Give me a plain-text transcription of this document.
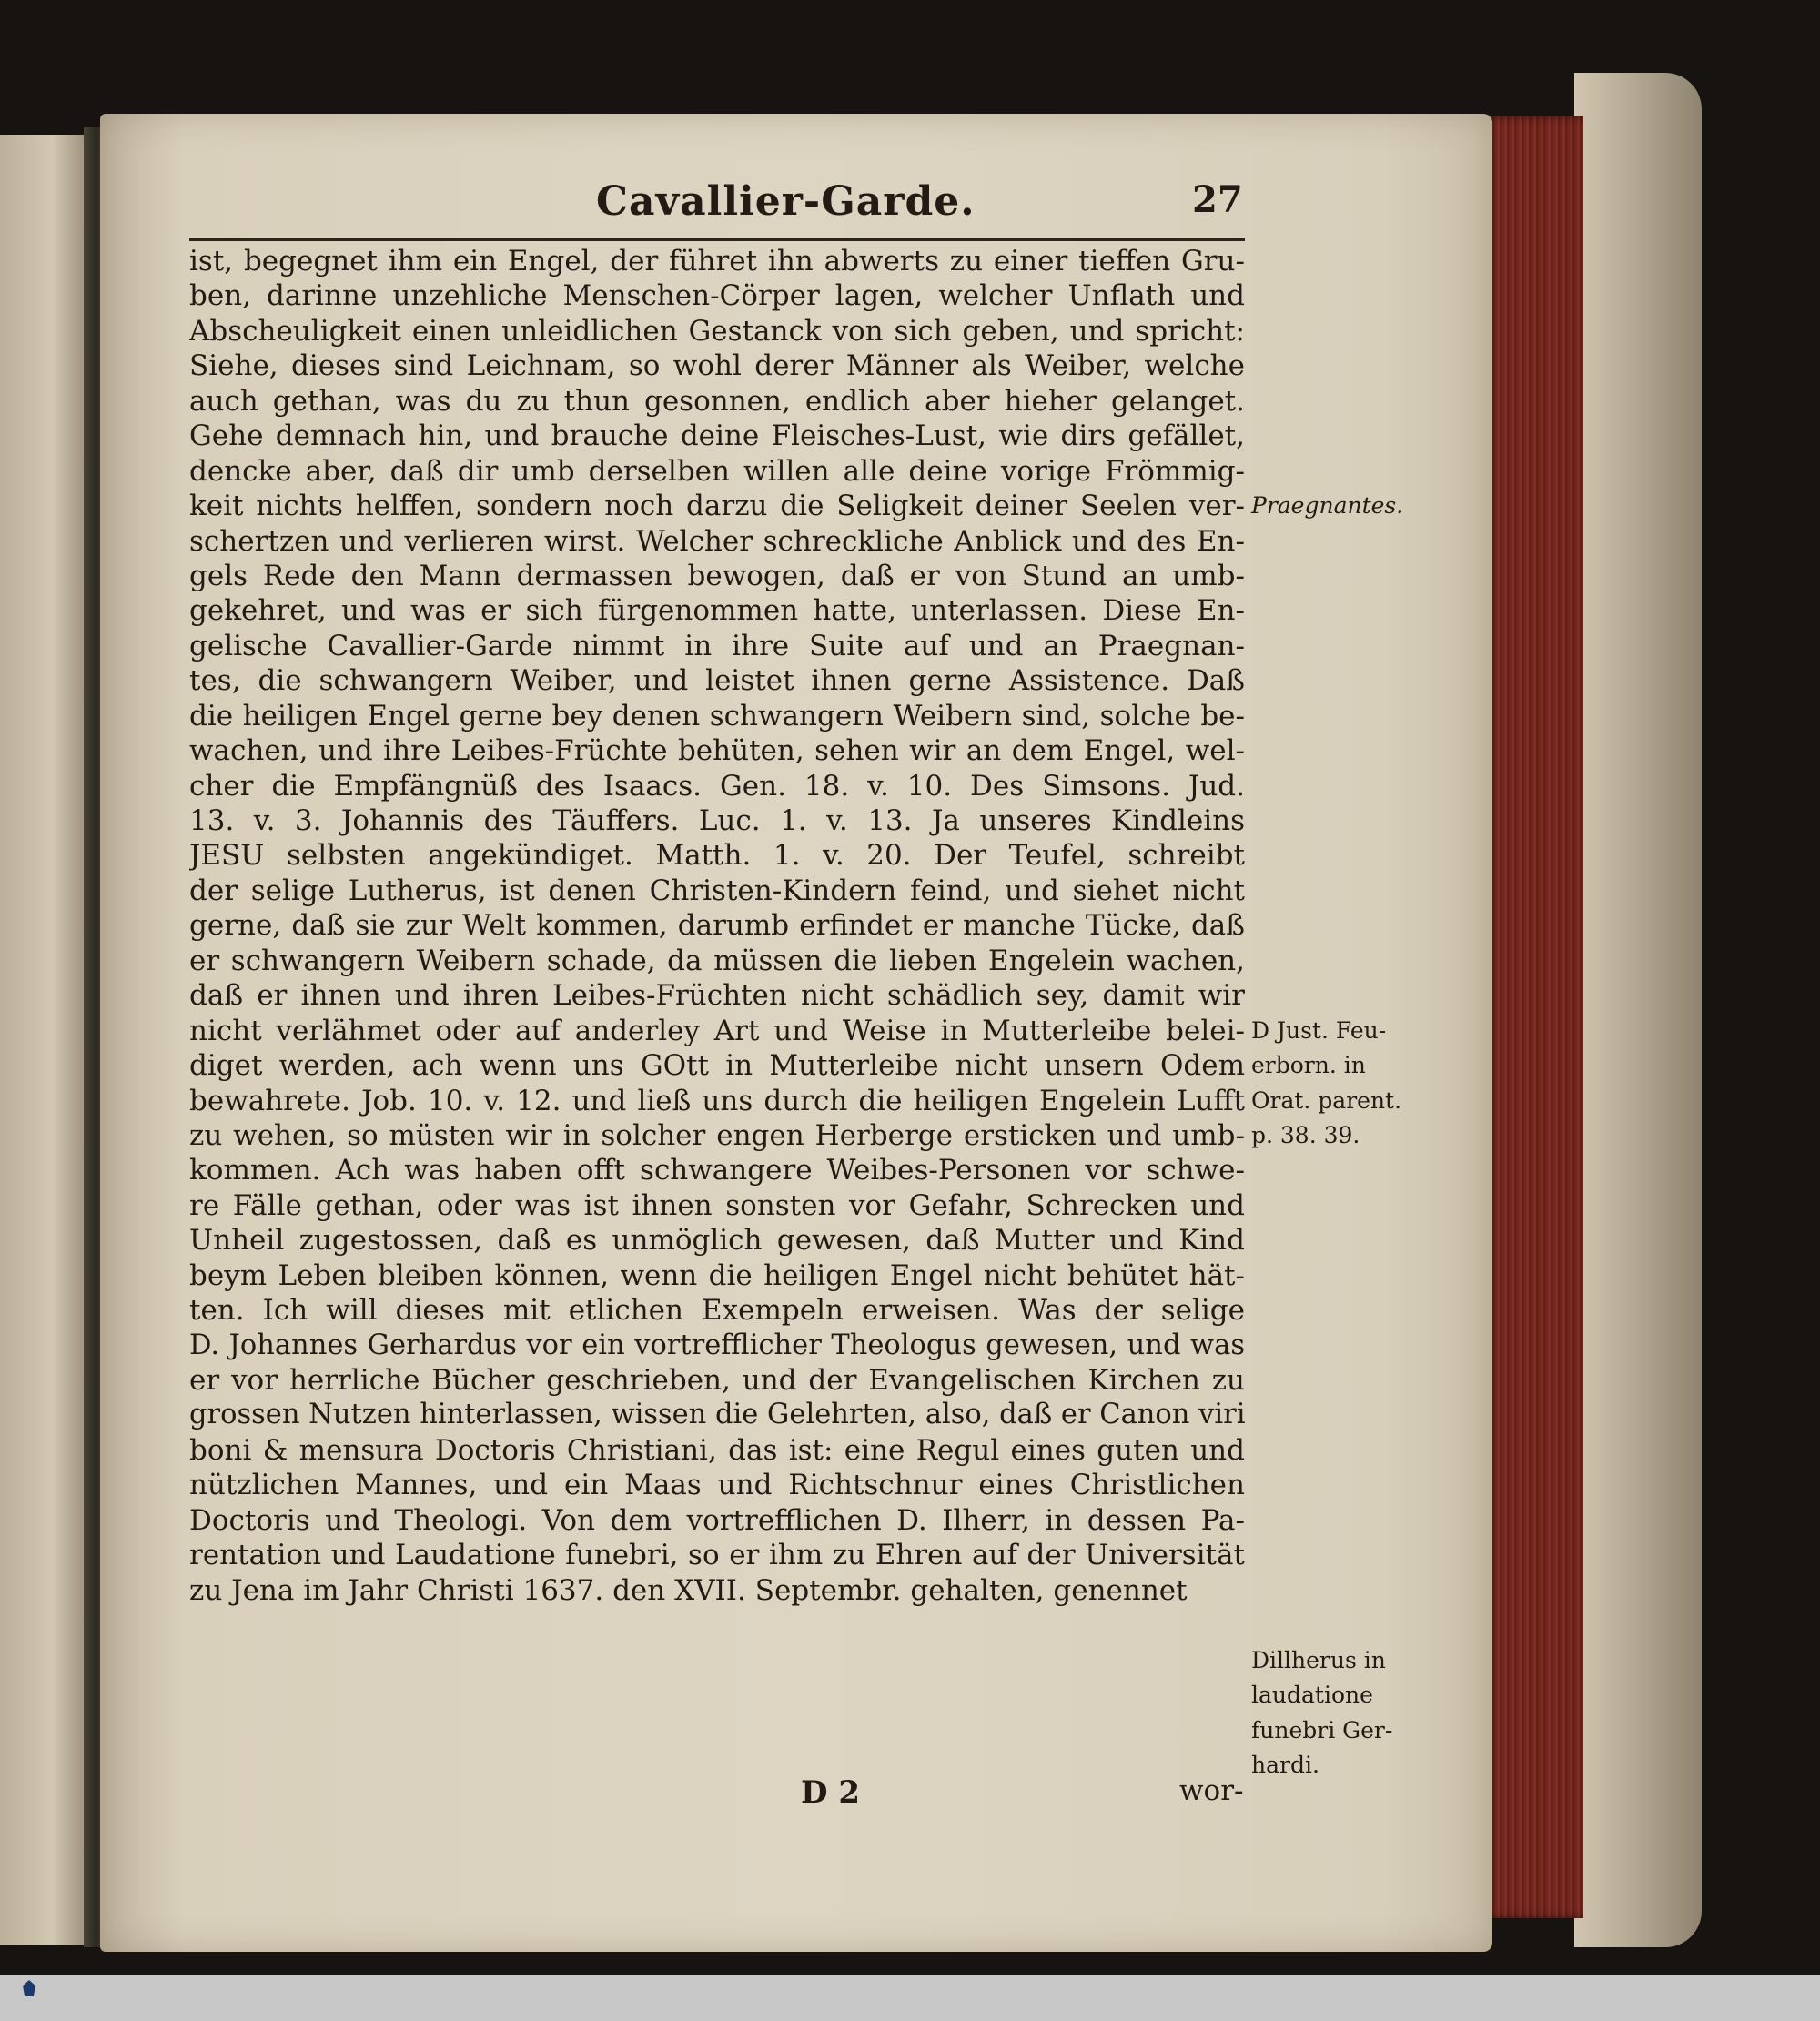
Cavallier-Garde.	27
ist, begegnet ihm ein Engel, der führet ihn abwerts zu einer tieffen Gru-
ben, darinne unzehliche Menschen-Cörper lagen, welcher Unflath und
Abscheuligkeit einen unleidlichen Gestanck von sich geben, und spricht:
Siehe, dieses sind Leichnam, so wohl derer Männer als Weiber, welche
auch gethan, was du zu thun gesonnen, endlich aber hieher gelanget.
Gehe demnach hin, und brauche deine Fleisches-Lust, wie dirs gefället,
dencke aber, daß dir umb derselben willen alle deine vorige Frömmig-
keit nichts helffen, sondern noch darzu die Seligkeit deiner Seelen ver-
schertzen und verlieren wirst. Welcher schreckliche Anblick und des En-
gels Rede den Mann dermassen bewogen, daß er von Stund an umb-
gekehret, und was er sich fürgenommen hatte, unterlassen. Diese En-
gelische Cavallier-Garde nimmt in ihre Suite auf und an Praegnan-
tes, die schwangern Weiber, und leistet ihnen gerne Assistence. Daß
die heiligen Engel gerne bey denen schwangern Weibern sind, solche be-
wachen, und ihre Leibes-Früchte behüten, sehen wir an dem Engel, wel-
cher die Empfängnüß des Isaacs. Gen. 18. v. 10. Des Simsons. Jud.
13. v. 3. Johannis des Täuffers. Luc. 1. v. 13. Ja unseres Kindleins
JESU selbsten angekündiget. Matth. 1. v. 20. Der Teufel, schreibt
der selige Lutherus, ist denen Christen-Kindern feind, und siehet nicht
gerne, daß sie zur Welt kommen, darumb erfindet er manche Tücke, daß
er schwangern Weibern schade, da müssen die lieben Engelein wachen,
daß er ihnen und ihren Leibes-Früchten nicht schädlich sey, damit wir
nicht verlähmet oder auf anderley Art und Weise in Mutterleibe belei-
diget werden, ach wenn uns GOtt in Mutterleibe nicht unsern Odem
bewahrete. Job. 10. v. 12. und ließ uns durch die heiligen Engelein Lufft
zu wehen, so müsten wir in solcher engen Herberge ersticken und umb-
kommen. Ach was haben offt schwangere Weibes-Personen vor schwe-
re Fälle gethan, oder was ist ihnen sonsten vor Gefahr, Schrecken und
Unheil zugestossen, daß es unmöglich gewesen, daß Mutter und Kind
beym Leben bleiben können, wenn die heiligen Engel nicht behütet hät-
ten. Ich will dieses mit etlichen Exempeln erweisen. Was der selige
D. Johannes Gerhardus vor ein vortrefflicher Theologus gewesen, und was
er vor herrliche Bücher geschrieben, und der Evangelischen Kirchen zu
grossen Nutzen hinterlassen, wissen die Gelehrten, also, daß er Canon viri
boni & mensura Doctoris Christiani, das ist: eine Regul eines guten und
nützlichen Mannes, und ein Maas und Richtschnur eines Christlichen
Doctoris und Theologi. Von dem vortrefflichen D. Ilherr, in dessen Pa-
rentation und Laudatione funebri, so er ihm zu Ehren auf der Universität
zu Jena im Jahr Christi 1637. den XVII. Septembr. gehalten, genennet
Praegnantes.
D Just. Feu-
erborn. in
Orat. parent.
p. 38. 39.
Dillherus in
laudatione
funebri Ger-
hardi.
D 2	wor-
